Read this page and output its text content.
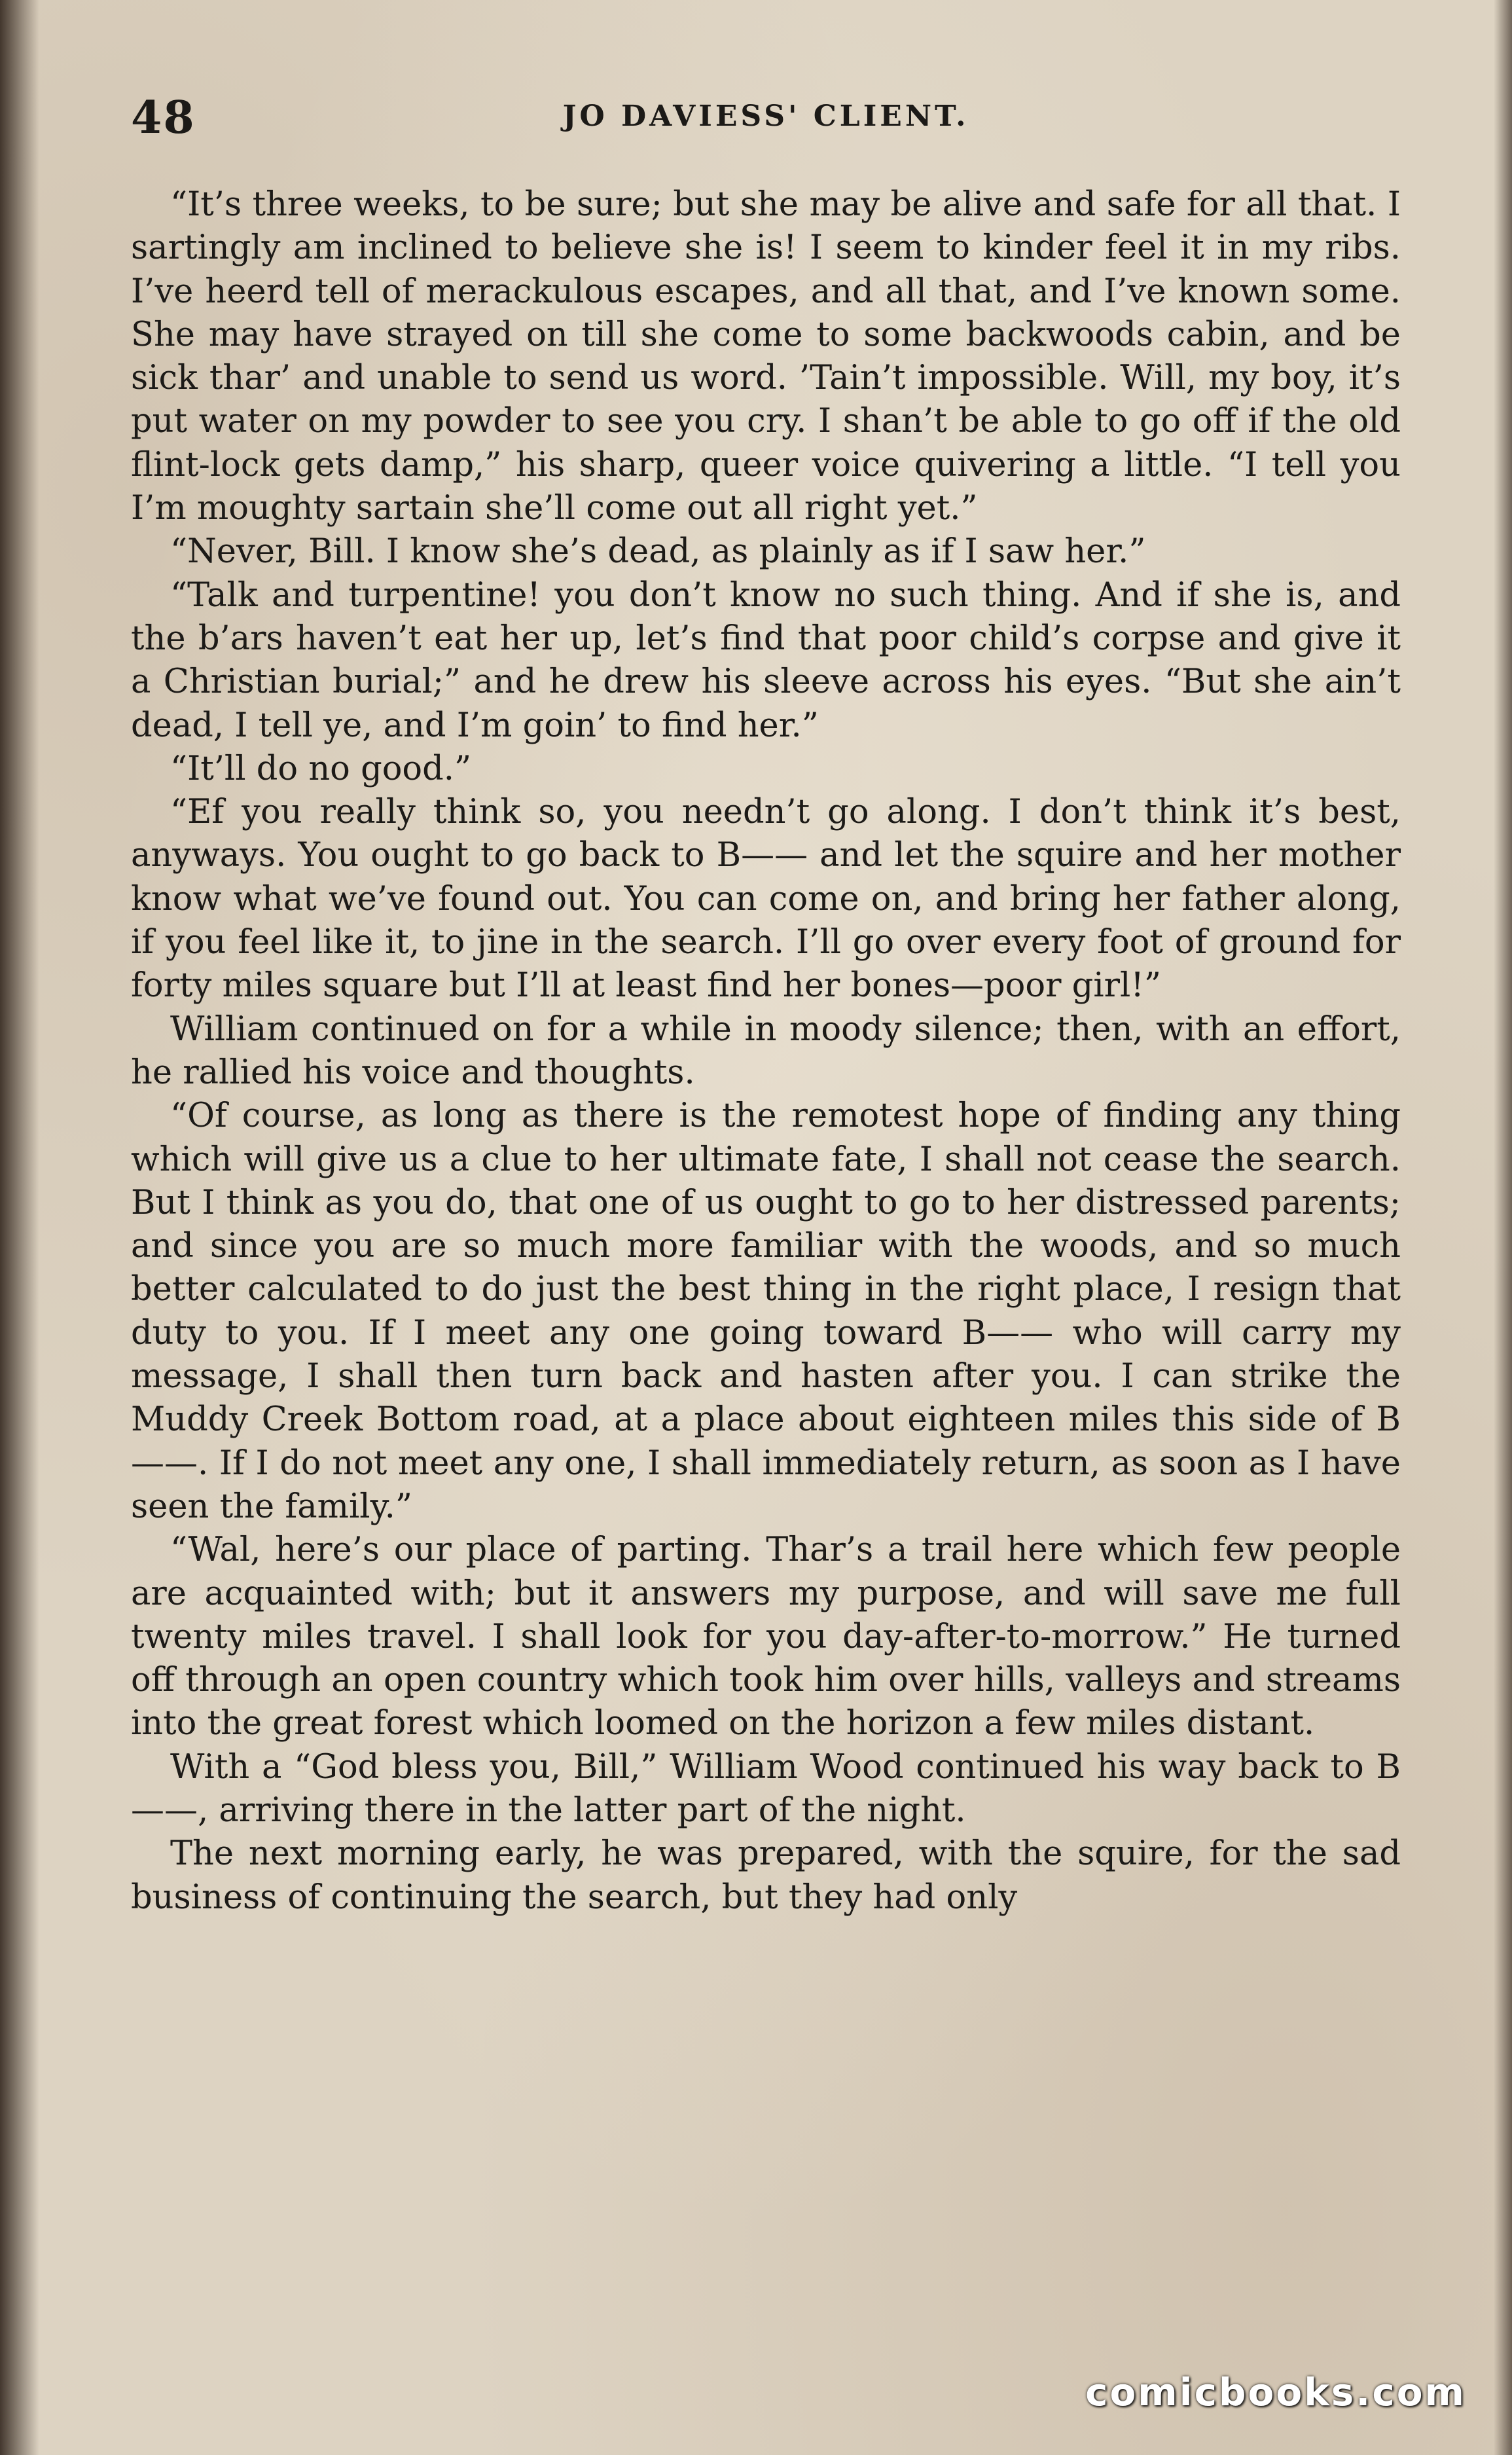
48	JO DAVIESS' CLIENT.

“It’s three weeks, to be sure; but she may be alive and safe for all that. I sartingly am inclined to believe she is! I seem to kinder feel it in my ribs. I’ve heerd tell of merackulous escapes, and all that, and I’ve known some. She may have strayed on till she come to some backwoods cabin, and be sick thar’ and unable to send us word. ’Tain’t impossible. Will, my boy, it’s put water on my powder to see you cry. I shan’t be able to go off if the old flint-lock gets damp,” his sharp, queer voice quivering a little. “I tell you I’m moughty sartain she’ll come out all right yet.”

“Never, Bill. I know she’s dead, as plainly as if I saw her.”

“Talk and turpentine! you don’t know no such thing. And if she is, and the b’ars haven’t eat her up, let’s find that poor child’s corpse and give it a Christian burial;” and he drew his sleeve across his eyes. “But she ain’t dead, I tell ye, and I’m goin’ to find her.”

“It’ll do no good.”

“Ef you really think so, you needn’t go along. I don’t think it’s best, anyways. You ought to go back to B—— and let the squire and her mother know what we’ve found out. You can come on, and bring her father along, if you feel like it, to jine in the search. I’ll go over every foot of ground for forty miles square but I’ll at least find her bones—poor girl!”

William continued on for a while in moody silence; then, with an effort, he rallied his voice and thoughts.

“Of course, as long as there is the remotest hope of finding any thing which will give us a clue to her ultimate fate, I shall not cease the search. But I think as you do, that one of us ought to go to her distressed parents; and since you are so much more familiar with the woods, and so much better calculated to do just the best thing in the right place, I resign that duty to you. If I meet any one going toward B—— who will carry my message, I shall then turn back and hasten after you. I can strike the Muddy Creek Bottom road, at a place about eighteen miles this side of B——. If I do not meet any one, I shall immediately return, as soon as I have seen the family.”

“Wal, here’s our place of parting. Thar’s a trail here which few people are acquainted with; but it answers my purpose, and will save me full twenty miles travel. I shall look for you day-after-to-morrow.” He turned off through an open country which took him over hills, valleys and streams into the great forest which loomed on the horizon a few miles distant.

With a “God bless you, Bill,” William Wood continued his way back to B——, arriving there in the latter part of the night.

The next morning early, he was prepared, with the squire, for the sad business of continuing the search, but they had only

comicbooks.com
